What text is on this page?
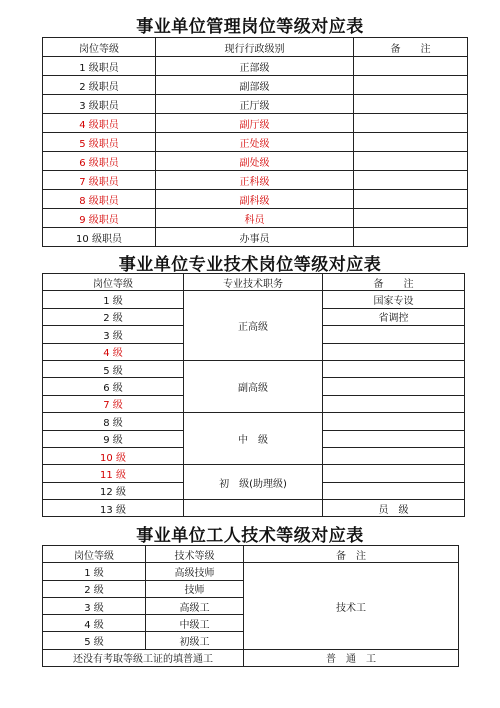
事业单位管理岗位等级对应表
岗位等级	现行行政级别	备　　注
1 级职员	正部级	
2 级职员	副部级	
3 级职员	正厅级	
4 级职员	副厅级	
5 级职员	正处级	
6 级职员	副处级	
7 级职员	正科级	
8 级职员	副科级	
9 级职员	科员	
10 级职员	办事员	
事业单位专业技术岗位等级对应表
岗位等级	专业技术职务	备　　注
1 级	正高级	国家专设
2 级		省调控
3 级		
4 级		
5 级	副高级	
6 级		
7 级		
8 级	中　级	
9 级		
10 级		
11 级	初　级(助理级)	
12 级		
13 级		员　级
事业单位工人技术等级对应表
岗位等级	技术等级	备　注
1 级	高级技师	技术工
2 级	技师	
3 级	高级工	
4 级	中级工	
5 级	初级工	
还没有考取等级工证的填普通工		普　通　工
